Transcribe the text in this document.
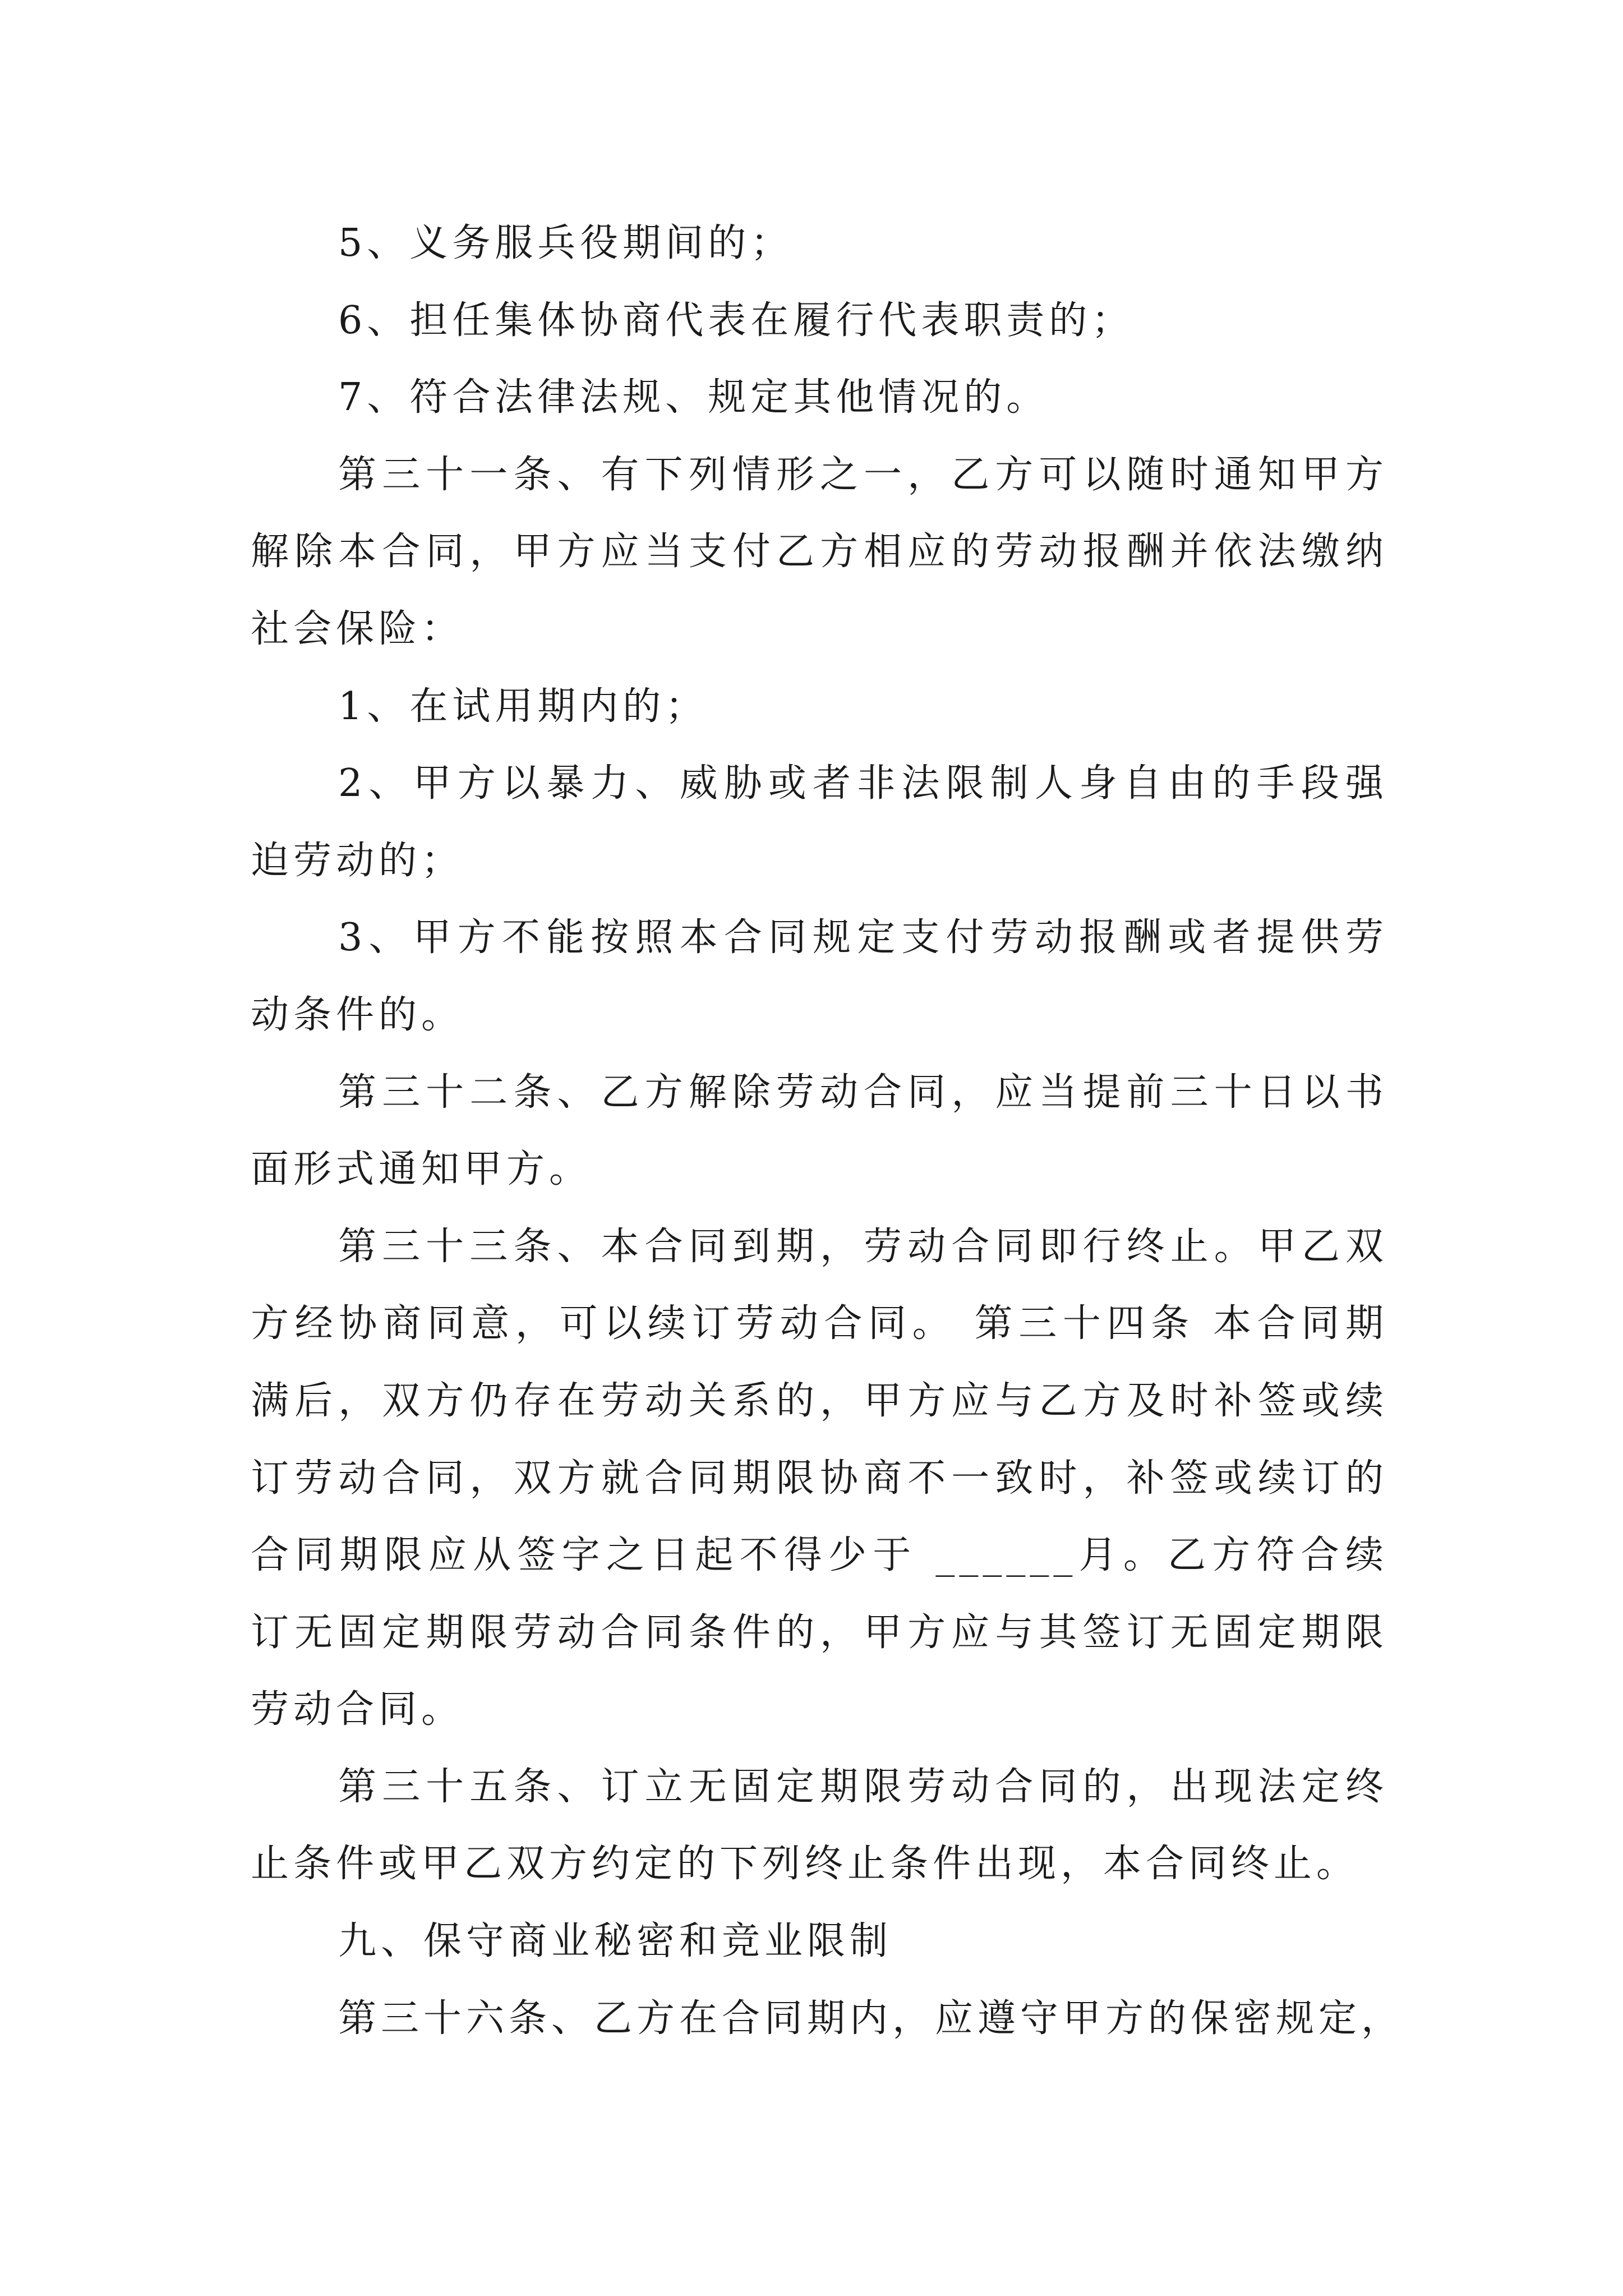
5、义务服兵役期间的；
6、担任集体协商代表在履行代表职责的；
7、符合法律法规、规定其他情况的。
第三十一条、有下列情形之一，乙方可以随时通知甲方
解除本合同，甲方应当支付乙方相应的劳动报酬并依法缴纳
社会保险：
1、在试用期内的；
2、甲方以暴力、威胁或者非法限制人身自由的手段强
迫劳动的；
3、甲方不能按照本合同规定支付劳动报酬或者提供劳
动条件的。
第三十二条、乙方解除劳动合同，应当提前三十日以书
面形式通知甲方。
第三十三条、本合同到期，劳动合同即行终止。甲乙双
方经协商同意，可以续订劳动合同。 第三十四条 本合同期
满后，双方仍存在劳动关系的，甲方应与乙方及时补签或续
订劳动合同，双方就合同期限协商不一致时，补签或续订的
合同期限应从签字之日起不得少于 ______月。乙方符合续
订无固定期限劳动合同条件的，甲方应与其签订无固定期限
劳动合同。
第三十五条、订立无固定期限劳动合同的，出现法定终
止条件或甲乙双方约定的下列终止条件出现，本合同终止。
九、保守商业秘密和竞业限制
第三十六条、乙方在合同期内，应遵守甲方的保密规定，
